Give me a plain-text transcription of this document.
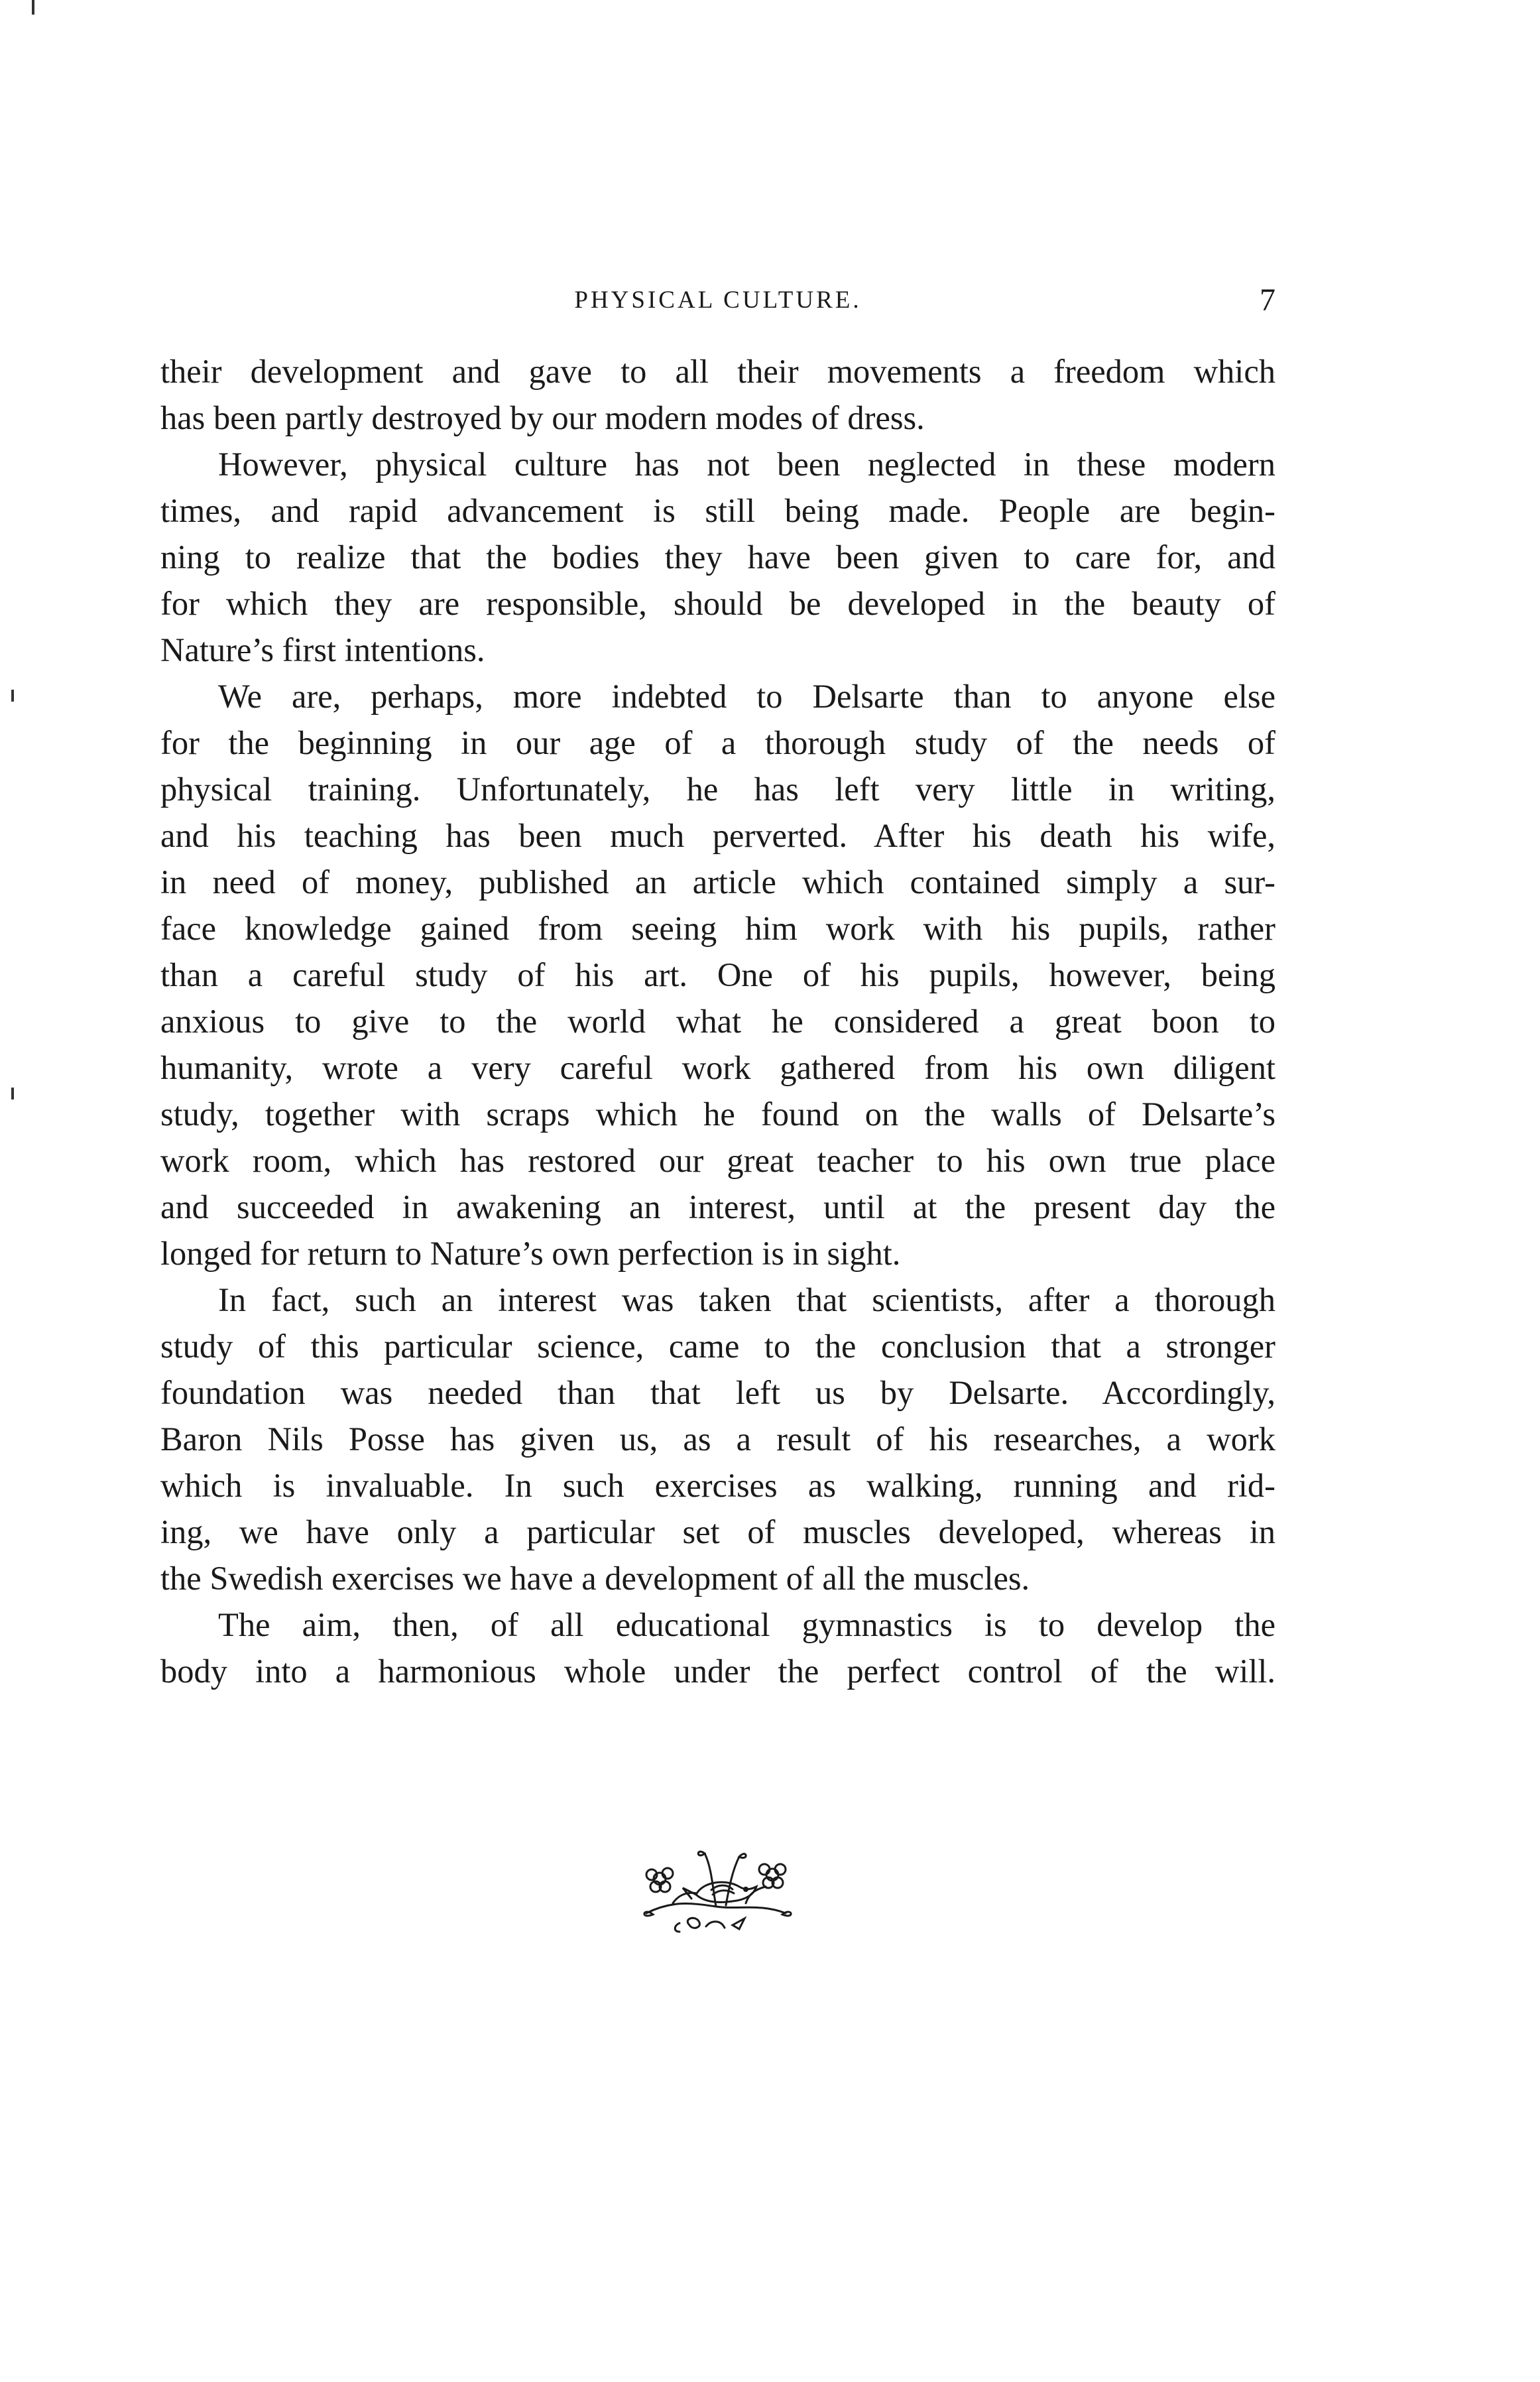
PHYSICAL CULTURE.	7
their development and gave to all their movements a freedom which
has been partly destroyed by our modern modes of dress.
However, physical culture has not been neglected in these modern
times, and rapid advancement is still being made. People are begin-
ning to realize that the bodies they have been given to care for, and
for which they are responsible, should be developed in the beauty of
Nature’s first intentions.
We are, perhaps, more indebted to Delsarte than to anyone else
for the beginning in our age of a thorough study of the needs of
physical training. Unfortunately, he has left very little in writing,
and his teaching has been much perverted. After his death his wife,
in need of money, published an article which contained simply a sur-
face knowledge gained from seeing him work with his pupils, rather
than a careful study of his art. One of his pupils, however, being
anxious to give to the world what he considered a great boon to
humanity, wrote a very careful work gathered from his own diligent
study, together with scraps which he found on the walls of Delsarte’s
work room, which has restored our great teacher to his own true place
and succeeded in awakening an interest, until at the present day the
longed for return to Nature’s own perfection is in sight.
In fact, such an interest was taken that scientists, after a thorough
study of this particular science, came to the conclusion that a stronger
foundation was needed than that left us by Delsarte. Accordingly,
Baron Nils Posse has given us, as a result of his researches, a work
which is invaluable. In such exercises as walking, running and rid-
ing, we have only a particular set of muscles developed, whereas in
the Swedish exercises we have a development of all the muscles.
The aim, then, of all educational gymnastics is to develop the
body into a harmonious whole under the perfect control of the will.
